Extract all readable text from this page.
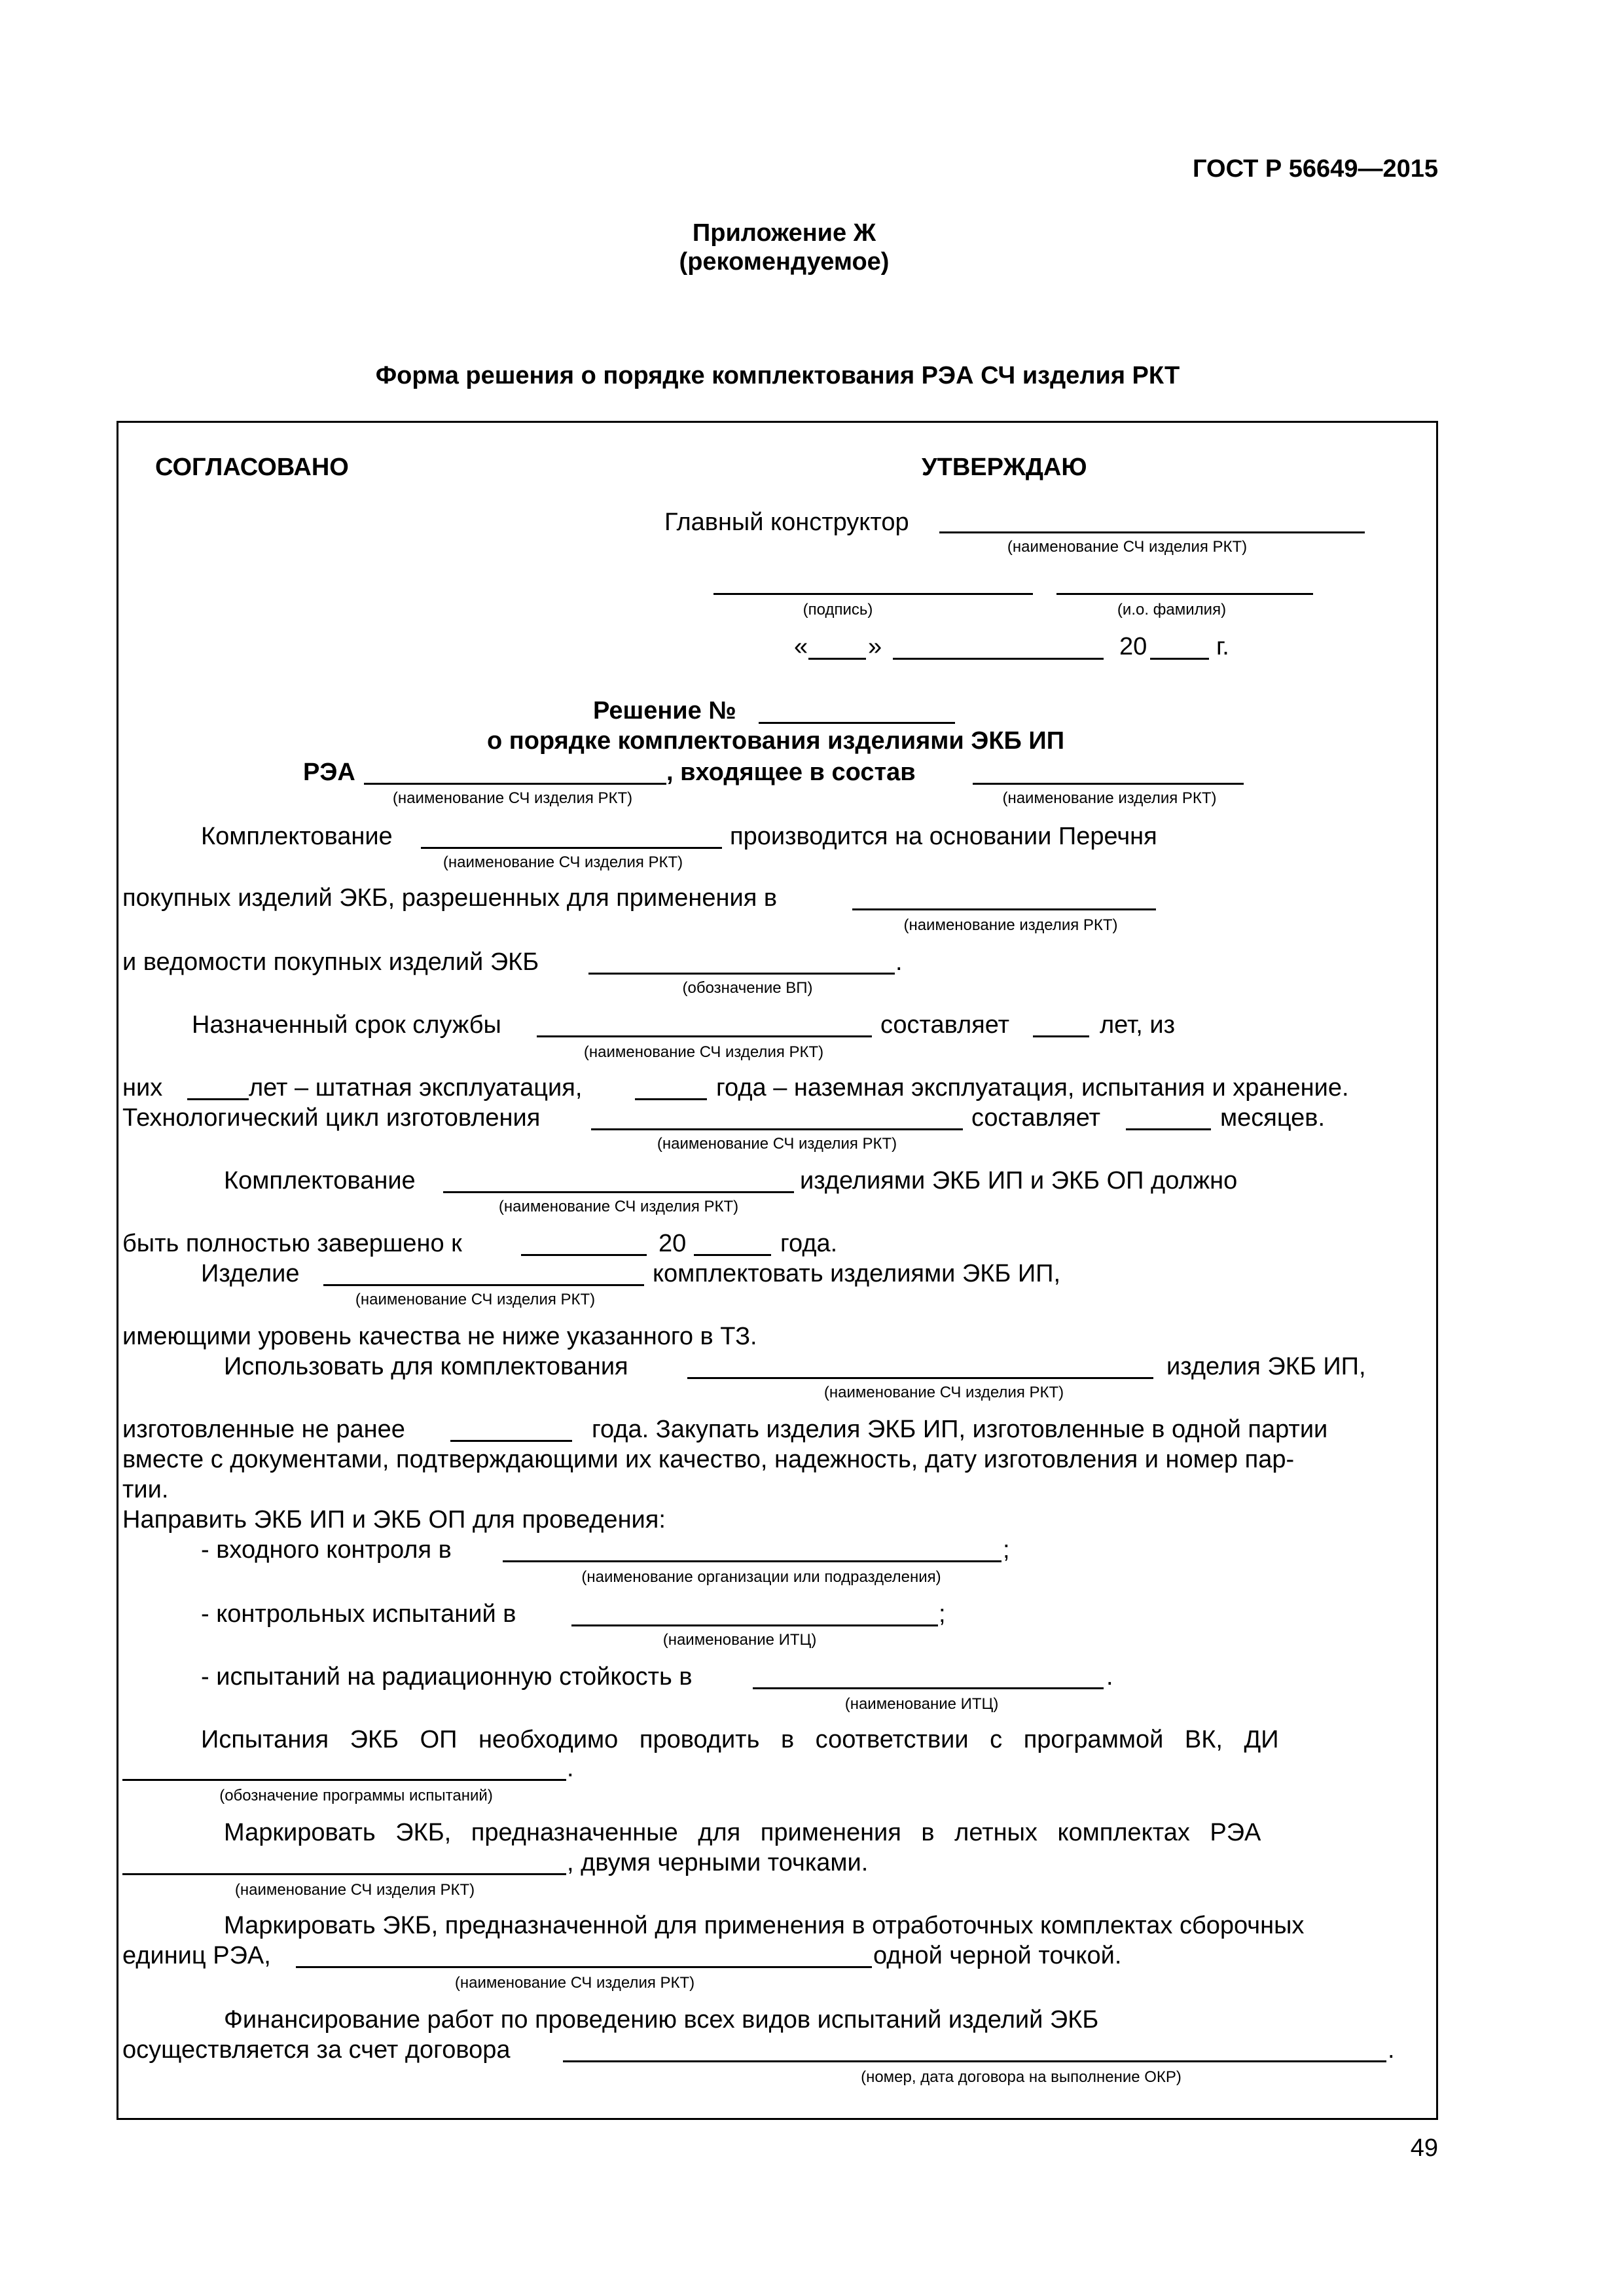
ГОСТ Р 56649—2015
Приложение Ж
(рекомендуемое)
Форма решения о порядке комплектования РЭА СЧ изделия РКТ
СОГЛАСОВАНО	УТВЕРЖДАЮ
Главный конструктор
(наименование СЧ изделия РКТ)
(подпись)	(и.о. фамилия)
« »	20	г.
Решение №
о порядке комплектования изделиями ЭКБ ИП
РЭА	, входящее в состав
(наименование СЧ изделия РКТ)	(наименование изделия РКТ)
Комплектование	производится на основании Перечня
(наименование СЧ изделия РКТ)
покупных изделий ЭКБ, разрешенных для применения в
(наименование изделия РКТ)
и ведомости покупных изделий ЭКБ	.
(обозначение ВП)
Назначенный срок службы	составляет	лет, из
(наименование СЧ изделия РКТ)
них	лет – штатная эксплуатация,	года – наземная эксплуатация, испытания и хранение.
Технологический цикл изготовления	составляет	месяцев.
(наименование СЧ изделия РКТ)
Комплектование	изделиями ЭКБ ИП и ЭКБ ОП должно
(наименование СЧ изделия РКТ)
быть полностью завершено к	20	года.
Изделие	комплектовать изделиями ЭКБ ИП,
(наименование СЧ изделия РКТ)
имеющими уровень качества не ниже указанного в ТЗ.
Использовать для комплектования	изделия ЭКБ ИП,
(наименование СЧ изделия РКТ)
изготовленные не ранее	года. Закупать изделия ЭКБ ИП, изготовленные в одной партии
вместе с документами, подтверждающими их качество, надежность, дату изготовления и номер пар-
тии.
Направить ЭКБ ИП и ЭКБ ОП для проведения:
- входного контроля в	;
(наименование организации или подразделения)
- контрольных испытаний в	;
(наименование ИТЦ)
- испытаний на радиационную стойкость в	.
(наименование ИТЦ)
Испытания ЭКБ ОП необходимо проводить в соответствии с программой ВК, ДИ
.
(обозначение программы испытаний)
Маркировать ЭКБ, предназначенные для применения в летных комплектах РЭА
, двумя черными точками.
(наименование СЧ изделия РКТ)
Маркировать ЭКБ, предназначенной для применения в отработочных комплектах сборочных
единиц РЭА,	одной черной точкой.
(наименование СЧ изделия РКТ)
Финансирование работ по проведению всех видов испытаний изделий ЭКБ
осуществляется за счет договора	.
(номер, дата договора на выполнение ОКР)
49
